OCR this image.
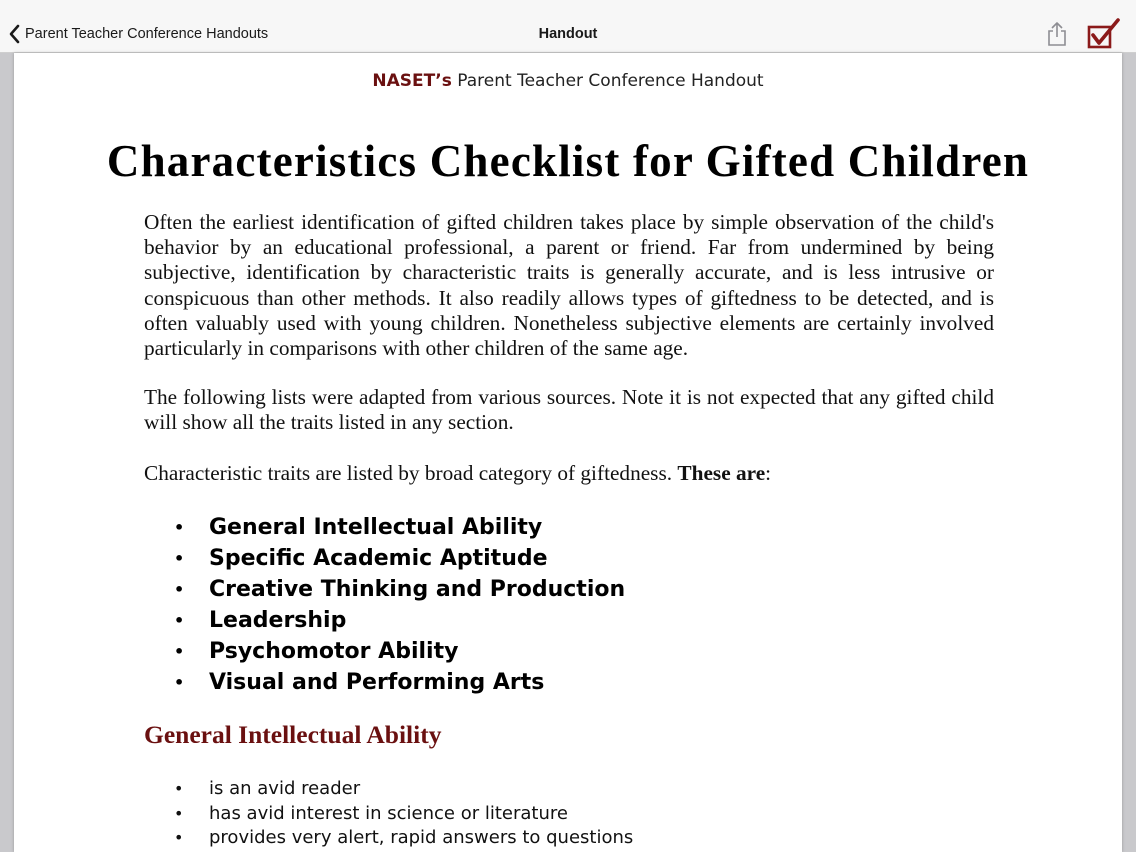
Parent Teacher Conference Handouts	Handout
NASET’s Parent Teacher Conference Handout
Characteristics Checklist for Gifted Children

Often the earliest identification of gifted children takes place by simple observation of the child's behavior by an educational professional, a parent or friend. Far from undermined by being subjective, identification by characteristic traits is generally accurate, and is less intrusive or conspicuous than other methods. It also readily allows types of giftedness to be detected, and is often valuably used with young children. Nonetheless subjective elements are certainly involved particularly in comparisons with other children of the same age.

The following lists were adapted from various sources. Note it is not expected that any gifted child will show all the traits listed in any section.

Characteristic traits are listed by broad category of giftedness. These are:

• General Intellectual Ability
• Specific Academic Aptitude
• Creative Thinking and Production
• Leadership
• Psychomotor Ability
• Visual and Performing Arts
General Intellectual Ability
• is an avid reader
• has avid interest in science or literature
• provides very alert, rapid answers to questions
